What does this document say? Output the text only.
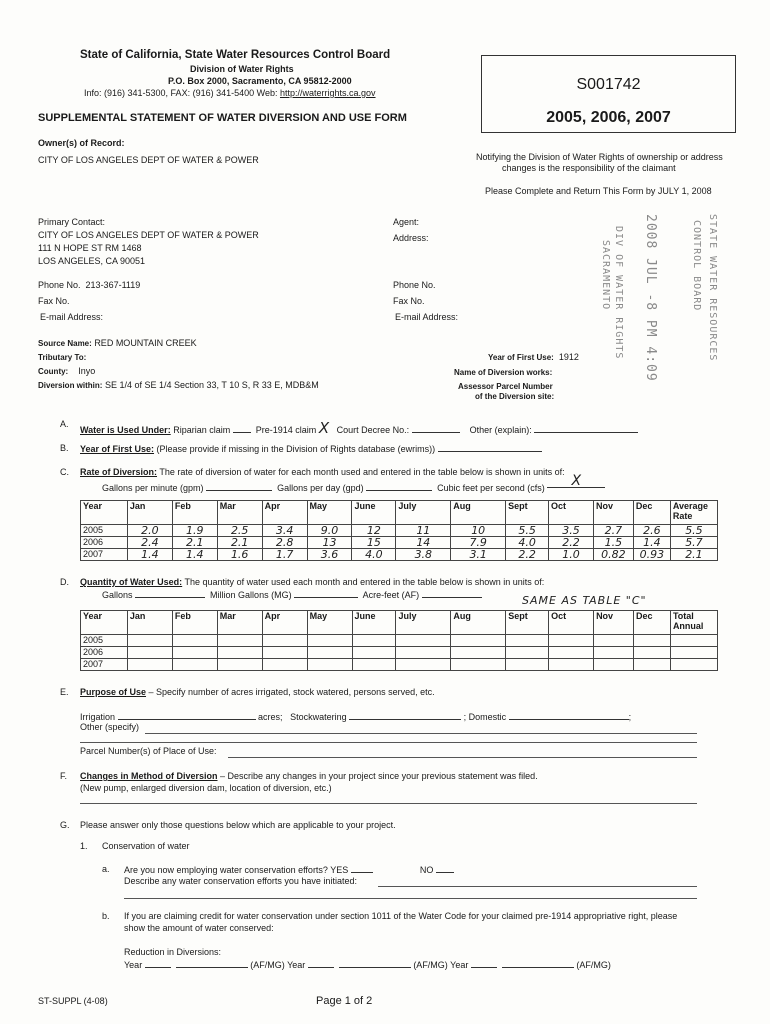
State of California, State Water Resources Control Board
Division of Water Rights
P.O. Box 2000, Sacramento, CA 95812-2000
Info: (916) 341-5300, FAX: (916) 341-5400 Web: http://waterrights.ca.gov
SUPPLEMENTAL STATEMENT OF WATER DIVERSION AND USE FORM
S001742
2005, 2006, 2007
Owner(s) of Record:
CITY OF LOS ANGELES DEPT OF WATER & POWER	Notifying the Division of Water Rights of ownership or address
changes is the responsibility of the claimant
Please Complete and Return This Form by JULY 1, 2008
Primary Contact:
CITY OF LOS ANGELES DEPT OF WATER & POWER
111 N HOPE ST RM 1468
LOS ANGELES, CA 90051
Phone No. 213-367-1119
Fax No.
E-mail Address:
Agent:
Address:
Phone No.
Fax No.
E-mail Address:	2008 JUL -8 PM 4:09
DIV OF WATER RIGHTS
SACRAMENTO	STATE WATER RESOURCES
CONTROL BOARD
Source Name: RED MOUNTAIN CREEK
Tributary To:
County: Inyo
Diversion within: SE 1/4 of SE 1/4 Section 33, T 10 S, R 33 E, MDB&M
Year of First Use: 1912
Name of Diversion works:
Assessor Parcel Number
of the Diversion site:
A.
Water is Used Under: Riparian claim	Pre-1914 claim X Court Decree No.:	Other (explain):
B. Year of First Use: (Please provide if missing in the Division of Rights database (ewrims))
C. Rate of Diversion: The rate of diversion of water for each month used and entered in the table below is shown in units of:
Gallons per minute (gpm)	Gallons per day (gpd)	Cubic feet per second (cfs) X
Year	Jan	Feb	Mar	Apr	May	June	July	Aug	Sept	Oct	Nov	Dec	Average Rate
2005	2.0	1.9	2.5	3.4	9.0	12	11	10	5.5	3.5	2.7	2.6	5.5
2006	2.4	2.1	2.1	2.8	13	15	14	7.9	4.0	2.2	1.5	1.4	5.7
2007	1.4	1.4	1.6	1.7	3.6	4.0	3.8	3.1	2.2	1.0	0.82	0.93	2.1
D. Quantity of Water Used: The quantity of water used each month and entered in the table below is shown in units of:
Gallons	Million Gallons (MG)	Acre-feet (AF)	SAME AS TABLE "C"
Year	Jan	Feb	Mar	Apr	May	June	July	Aug	Sept	Oct	Nov	Dec	Total Annual
2005													
2006													
2007													
E. Purpose of Use – Specify number of acres irrigated, stock watered, persons served, etc.
Irrigation	acres; Stockwatering	; Domestic	;
Other (specify)
Parcel Number(s) of Place of Use:
F. Changes in Method of Diversion – Describe any changes in your project since your previous statement was filed.
(New pump, enlarged diversion dam, location of diversion, etc.)
G. Please answer only those questions below which are applicable to your project.
1. Conservation of water
a. Are you now employing water conservation efforts? YES	NO
Describe any water conservation efforts you have initiated:
b. If you are claiming credit for water conservation under section 1011 of the Water Code for your claimed pre-1914 appropriative right, please
show the amount of water conserved:
Reduction in Diversions:
Year	(AF/MG) Year	(AF/MG) Year	(AF/MG)
ST-SUPPL (4-08)	Page 1 of 2
